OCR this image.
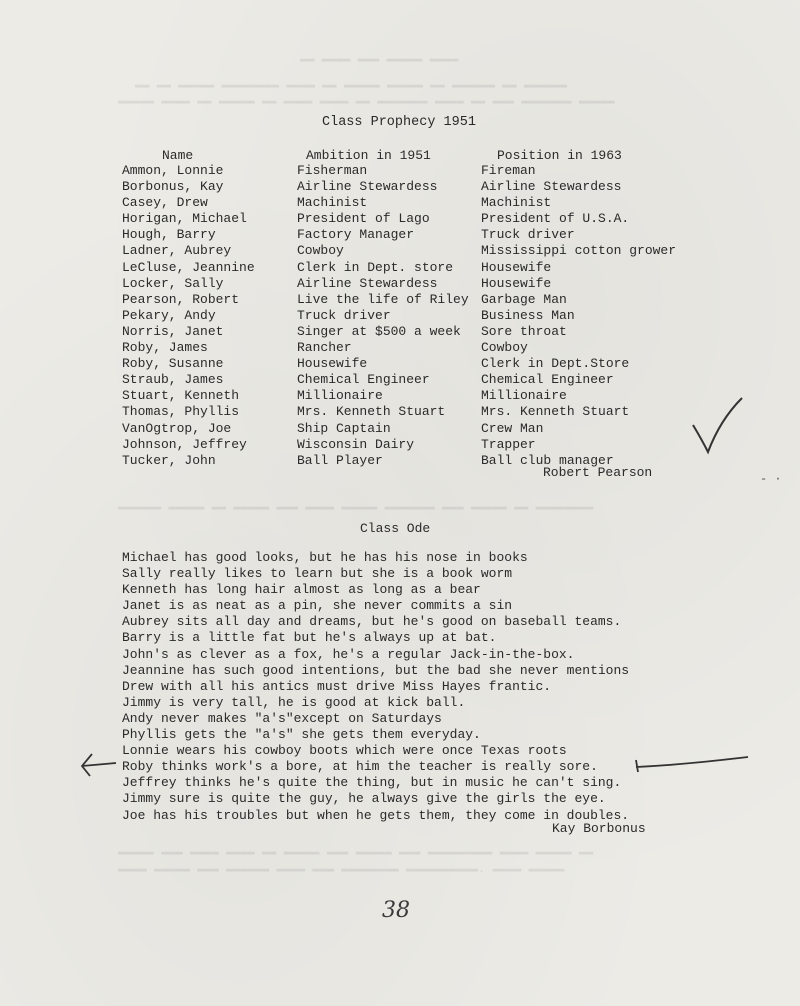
▬▬ ▬▬▬▬ ▬▬▬ ▬▬▬▬▬ ▬▬▬▬
▬▬ ▬▬ ▬▬▬▬▬ ▬▬▬▬▬▬▬▬ ▬▬▬▬ ▬▬ ▬▬▬▬▬ ▬▬▬▬▬ ▬▬ ▬▬▬▬▬▬ ▬▬ ▬▬▬▬▬▬
▬▬▬▬▬ ▬▬▬▬ ▬▬ ▬▬▬▬▬ ▬▬ ▬▬▬▬ ▬▬▬▬ ▬▬ ▬▬▬▬▬▬▬ ▬▬▬▬ ▬▬ ▬▬▬ ▬▬▬▬▬▬▬ ▬▬▬▬▬
▬▬▬▬▬▬ ▬▬▬▬▬ ▬▬ ▬▬▬▬▬ ▬▬▬ ▬▬▬▬ ▬▬▬▬▬ ▬▬▬▬▬▬▬ ▬▬▬ ▬▬▬▬▬ ▬▬ ▬▬▬▬▬▬▬▬
▬▬▬▬▬ ▬▬▬ ▬▬▬▬ ▬▬▬▬ ▬▬ ▬▬▬▬▬ ▬▬▬ ▬▬▬▬▬ ▬▬▬ ▬▬▬▬▬▬▬▬▬ ▬▬▬▬ ▬▬▬▬▬ ▬▬
▬▬▬▬ ▬▬▬▬▬ ▬▬▬ ▬▬▬▬▬▬ ▬▬▬▬ ▬▬▬ ▬▬▬▬▬▬▬▬ ▬▬▬▬▬▬▬▬▬▬. ▬▬▬▬ ▬▬▬▬▬
Class Prophecy 1951
Name	Ambition in 1951	Position in 1963
Ammon, Lonnie
Borbonus, Kay
Casey, Drew
Horigan, Michael
Hough, Barry
Ladner, Aubrey
LeCluse, Jeannine
Locker, Sally
Pearson, Robert
Pekary, Andy
Norris, Janet
Roby, James
Roby, Susanne
Straub, James
Stuart, Kenneth
Thomas, Phyllis
VanOgtrop, Joe
Johnson, Jeffrey
Tucker, John
Fisherman
Airline Stewardess
Machinist
President of Lago
Factory Manager
Cowboy
Clerk in Dept. store
Airline Stewardess
Live the life of Riley
Truck driver
Singer at $500 a week
Rancher
Housewife
Chemical Engineer
Millionaire
Mrs. Kenneth Stuart
Ship Captain
Wisconsin Dairy
Ball Player
Fireman
Airline Stewardess
Machinist
President of U.S.A.
Truck driver
Mississippi cotton grower
Housewife
Housewife
Garbage Man
Business Man
Sore throat
Cowboy
Clerk in Dept.Store
Chemical Engineer
Millionaire
Mrs. Kenneth Stuart
Crew Man
Trapper
Ball club manager
Robert Pearson
Class Ode
Michael has good looks, but he has his nose in books
Sally really likes to learn but she is a book worm
Kenneth has long hair almost as long as a bear
Janet is as neat as a pin, she never commits a sin
Aubrey sits all day and dreams, but he's good on baseball teams.
Barry is a little fat but he's always up at bat.
John's as clever as a fox, he's a regular Jack-in-the-box.
Jeannine has such good intentions, but the bad she never mentions
Drew with all his antics must drive Miss Hayes frantic.
Jimmy is very tall, he is good at kick ball.
Andy never makes "a's"except on Saturdays
Phyllis gets the "a's" she gets them everyday.
Lonnie wears his cowboy boots which were once Texas roots
Roby thinks work's a bore, at him the teacher is really sore.
Jeffrey thinks he's quite the thing, but in music he can't sing.
Jimmy sure is quite the guy, he always give the girls the eye.
Joe has his troubles but when he gets them, they come in doubles.
Kay Borbonus
38
- ·
